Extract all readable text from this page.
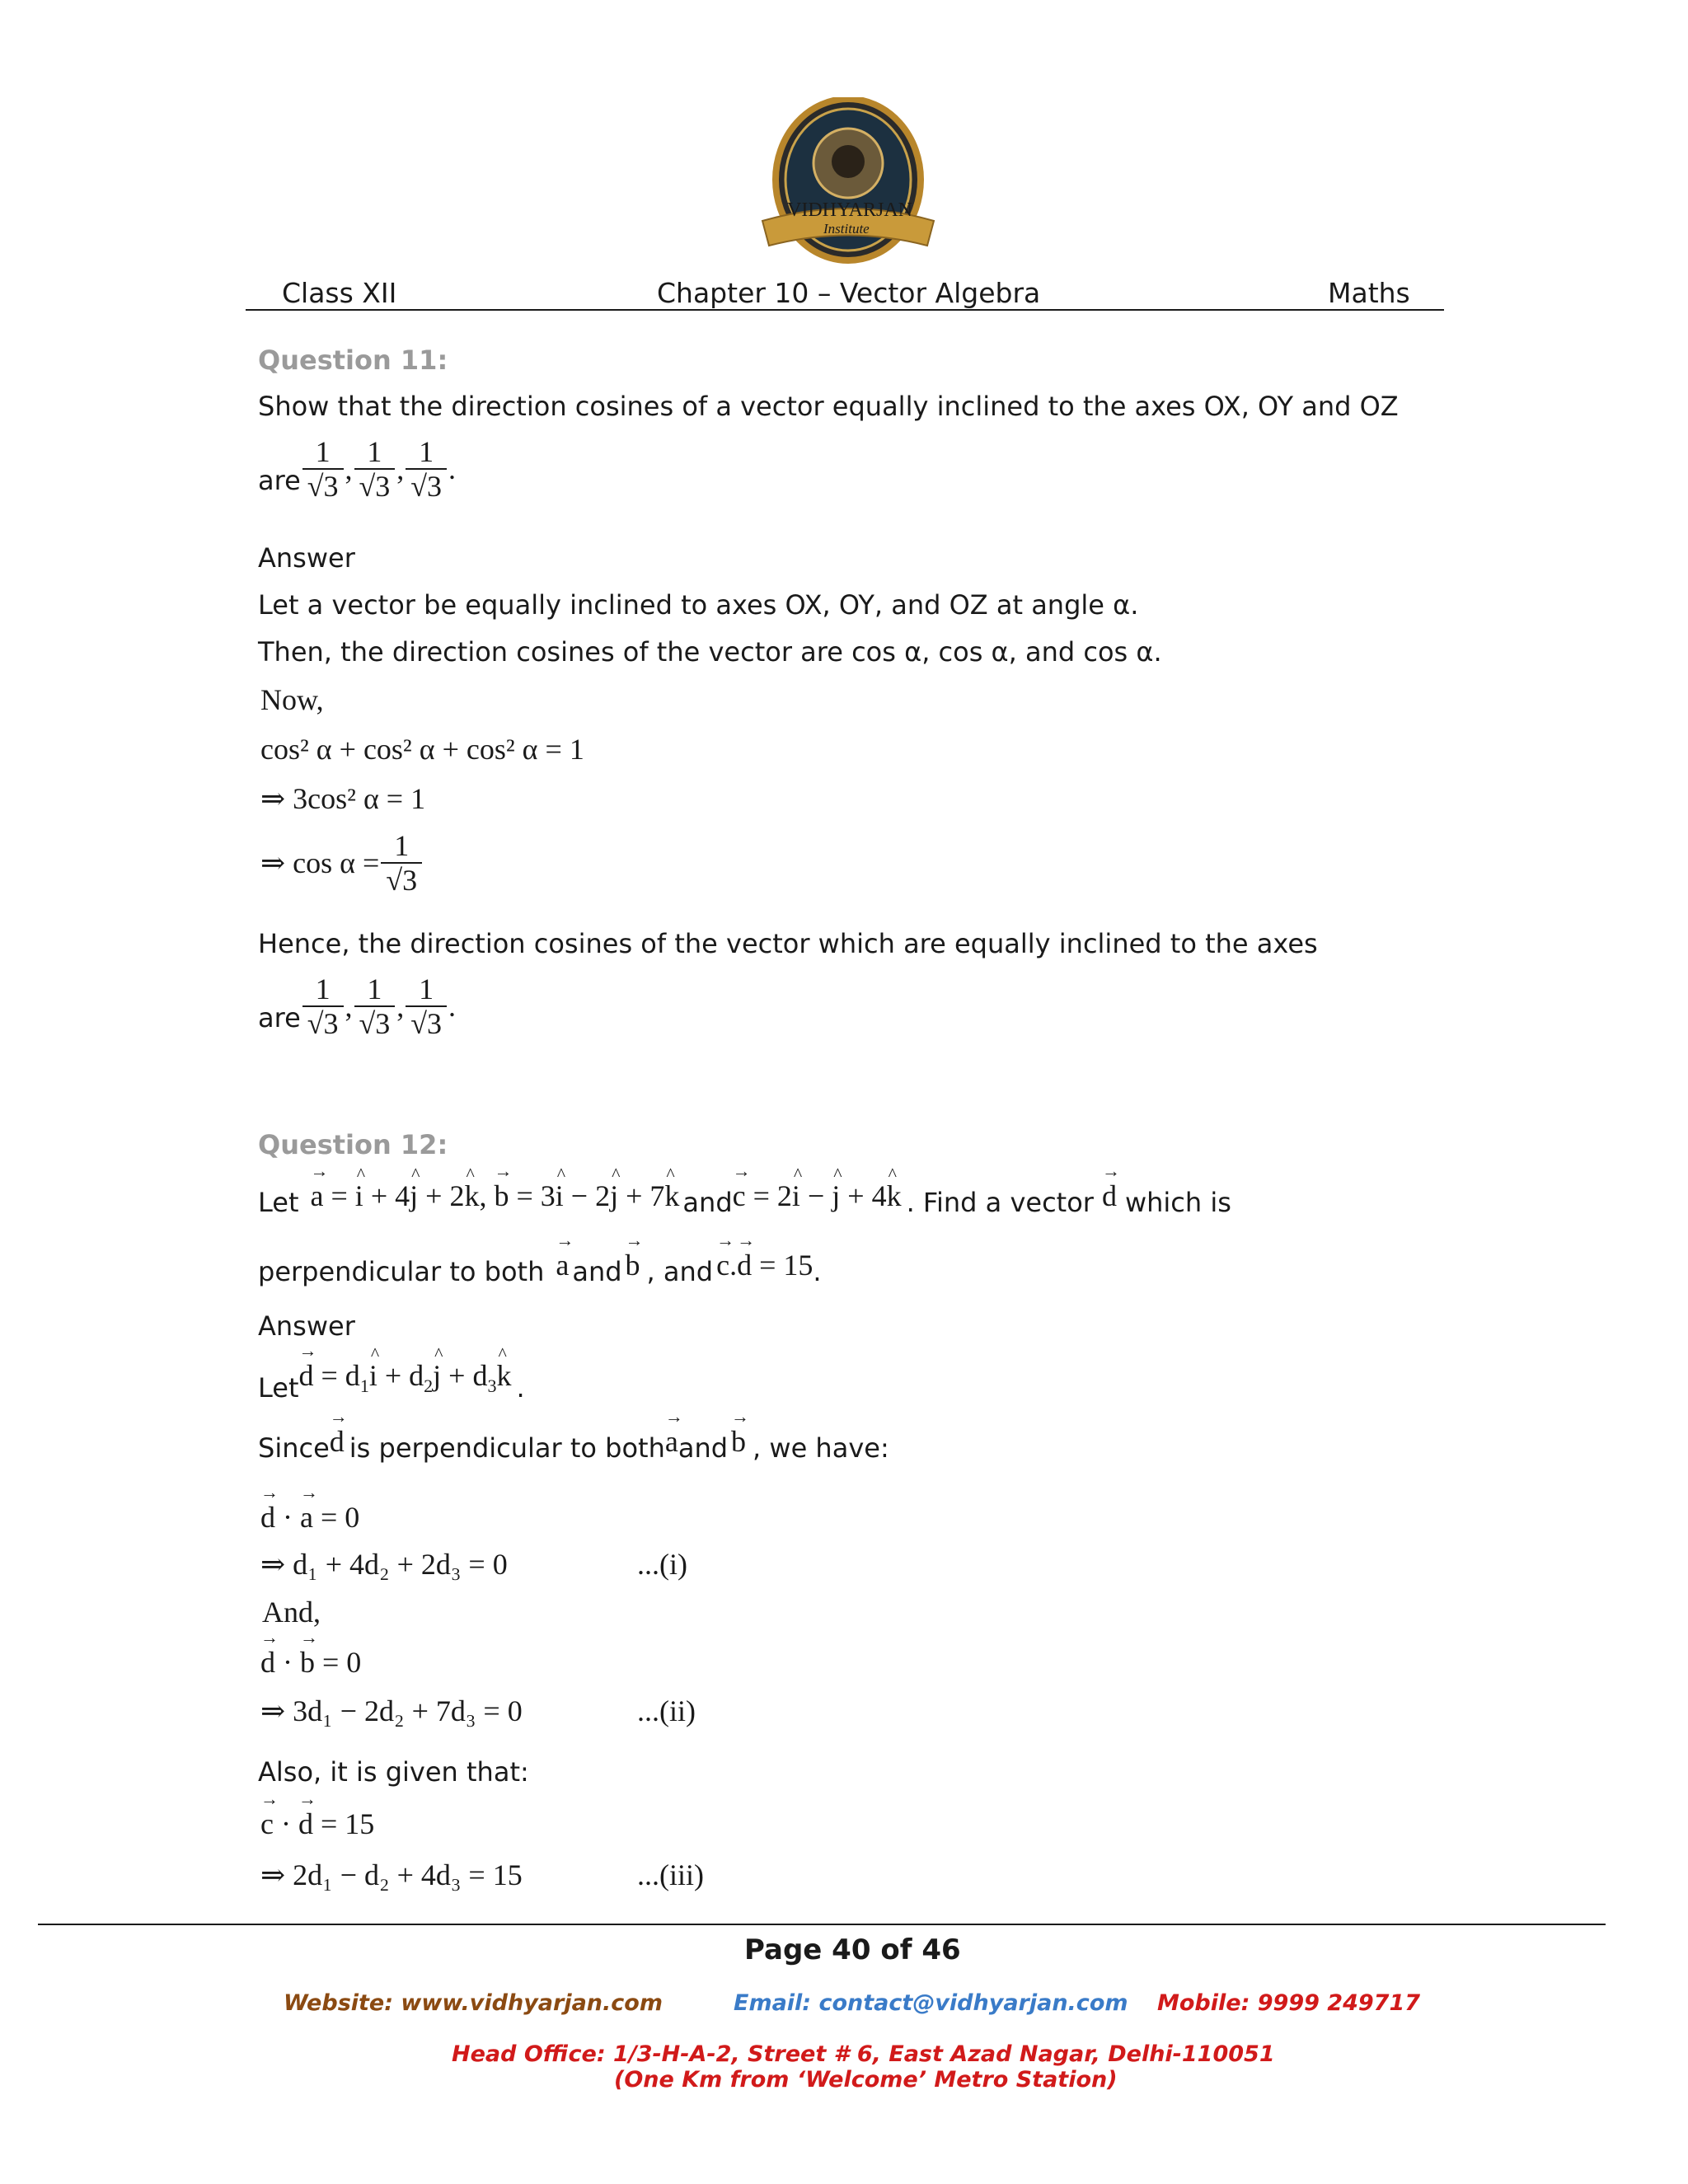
VIDHYARJAN
Institute
Class XII	Chapter 10 – Vector Algebra	Maths
Question 11:
Show that the direction cosines of a vector equally inclined to the axes OX, OY and OZ
are $\frac{1}{√3}$ , $\frac{1}{√3}$ , $\frac{1}{√3}$ .
Answer
Let a vector be equally inclined to axes OX, OY, and OZ at angle α.
Then, the direction cosines of the vector are cos α, cos α, and cos α.
Now,
cos² α + cos² α + cos² α = 1
⇒ 3cos² α = 1
⇒ $\cos \alpha = \frac{1}{√3}$
Hence, the direction cosines of the vector which are equally inclined to the axes
are $\frac{1}{√3}$ , $\frac{1}{√3}$ , $\frac{1}{√3}$ .
Question 12:
Let → a = ^ i + 4^ j + 2^ k, → b = 3^ i − 2^ j + 7^ k and → c = 2^ i − ^ j + 4^ k . Find a vector → d which is
perpendicular to both → a and → b , and → c.→ d = 15 .
Answer
Let → $d = d_1\^{}$ $i + d_2\^{}$ $j + d_3\^{}$ k .
Since → d is perpendicular to both → a and → b , we have:
→ d · → a = 0
⇒ d₁ + 4d₂ + 2d₃ = 0	...(i)
And,
→ d · → b = 0
⇒ 3d₁ − 2d₂ + 7d₃ = 0	...(ii)
Also, it is given that:
→ c · → d = 15
⇒ 2d₁ − d₂ + 4d₃ = 15	...(iii)
Page 40 of 46
Website: www.vidhyarjan.com	Email: contact@vidhyarjan.com Mobile: 9999 249717
Head Office: 1/3-H-A-2, Street # 6, East Azad Nagar, Delhi-110051
(One Km from ‘Welcome’ Metro Station)
